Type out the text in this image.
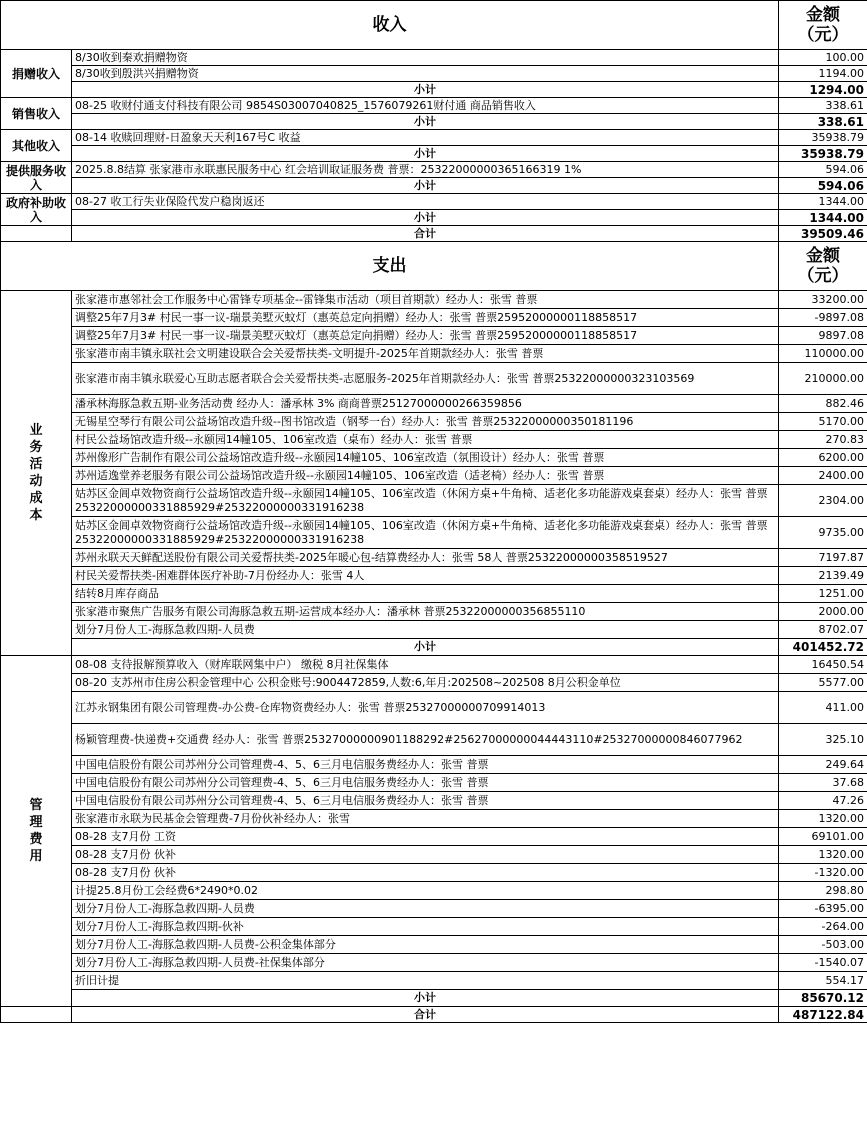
收入		金额
（元）

捐赠收入	8/30收到秦欢捐赠物资	100.00
	8/30收到殷洪兴捐赠物资	1194.00
	小计	1294.00
销售收入	08-25 收财付通支付科技有限公司 9854S03007040825_1576079261财付通 商品销售收入	338.61
	小计	338.61
其他收入	08-14 收赎回理财-日盈象天天利167号C 收益	35938.79
	小计	35938.79
提供服务收入	2025.8.8结算 张家港市永联惠民服务中心 红会培训取证服务费 普票：25322000000365166319 1%	594.06
	小计	594.06
政府补助收入	08-27 收工行失业保险代发户稳岗返还	1344.00
	小计	1344.00
	合计	39509.46
支出		金额
（元）

业务活动成本	张家港市惠邻社会工作服务中心雷锋专项基金--雷锋集市活动（项目首期款）经办人：张雪 普票	33200.00
	调整25年7月3# 村民一事一议-瑞景美墅灭蚊灯（惠英总定向捐赠）经办人：张雪 普票25952000000118858517	-9897.08
	调整25年7月3# 村民一事一议-瑞景美墅灭蚊灯（惠英总定向捐赠）经办人：张雪 普票25952000000118858517	9897.08
	张家港市南丰镇永联社会文明建设联合会关爱帮扶类-文明提升-2025年首期款经办人：张雪 普票	110000.00
	张家港市南丰镇永联爱心互助志愿者联合会关爱帮扶类-志愿服务-2025年首期款经办人：张雪 普票25322000000323103569	210000.00
	潘承林海豚急救五期-业务活动费 经办人：潘承林 3% 商商普票25127000000266359856	882.46
	无锡星空琴行有限公司公益场馆改造升级--图书馆改造（钢琴一台）经办人：张雪 普票25322000000350181196	5170.00
	村民公益场馆改造升级--永颐园14幢105、106室改造（桌布）经办人：张雪 普票	270.83
	苏州像形广告制作有限公司公益场馆改造升级--永颐园14幢105、106室改造（氛围设计）经办人：张雪 普票	6200.00
	苏州适逸堂养老服务有限公司公益场馆改造升级--永颐园14幢105、106室改造（适老椅）经办人：张雪 普票	2400.00
	姑苏区金阊卓效物资商行公益场馆改造升级--永颐园14幢105、106室改造（休闲方桌+牛角椅、适老化多功能游戏桌套桌）经办人：张雪 普票25322000000331885929#25322000000331916238	2304.00
	姑苏区金阊卓效物资商行公益场馆改造升级--永颐园14幢105、106室改造（休闲方桌+牛角椅、适老化多功能游戏桌套桌）经办人：张雪 普票25322000000331885929#25322000000331916238	9735.00
	苏州永联天天鲜配送股份有限公司关爱帮扶类-2025年暖心包-结算费经办人：张雪 58人 普票25322000000358519527	7197.87
	村民关爱帮扶类-困难群体医疗补助-7月份经办人：张雪 4人	2139.49
	结转8月库存商品	1251.00
	张家港市聚焦广告服务有限公司海豚急救五期-运营成本经办人：潘承林 普票25322000000356855110	2000.00
	划分7月份人工-海豚急救四期-人员费	8702.07
	小计	401452.72

管理费用	08-08 支待报解预算收入（财库联网集中户） 缴税 8月社保集体	16450.54
	08-20 支苏州市住房公积金管理中心 公积金账号:9004472859,人数:6,年月:202508~202508 8月公积金单位	5577.00
	江苏永钢集团有限公司管理费-办公费-仓库物资费经办人：张雪 普票25327000000709914013	411.00
	杨颖管理费-快递费+交通费 经办人：张雪 普票25327000000901188292#25627000000044443110#25327000000846077962	325.10
	中国电信股份有限公司苏州分公司管理费-4、5、6三月电信服务费经办人：张雪 普票	249.64
	中国电信股份有限公司苏州分公司管理费-4、5、6三月电信服务费经办人：张雪 普票	37.68
	中国电信股份有限公司苏州分公司管理费-4、5、6三月电信服务费经办人：张雪 普票	47.26
	张家港市永联为民基金会管理费-7月份伙补经办人：张雪	1320.00
	08-28 支7月份 工资	69101.00
	08-28 支7月份 伙补	1320.00
	08-28 支7月份 伙补	-1320.00
	计提25.8月份工会经费6*2490*0.02	298.80
	划分7月份人工-海豚急救四期-人员费	-6395.00
	划分7月份人工-海豚急救四期-伙补	-264.00
	划分7月份人工-海豚急救四期-人员费-公积金集体部分	-503.00
	划分7月份人工-海豚急救四期-人员费-社保集体部分	-1540.07
	折旧计提	554.17
	小计	85670.12
	合计	487122.84
